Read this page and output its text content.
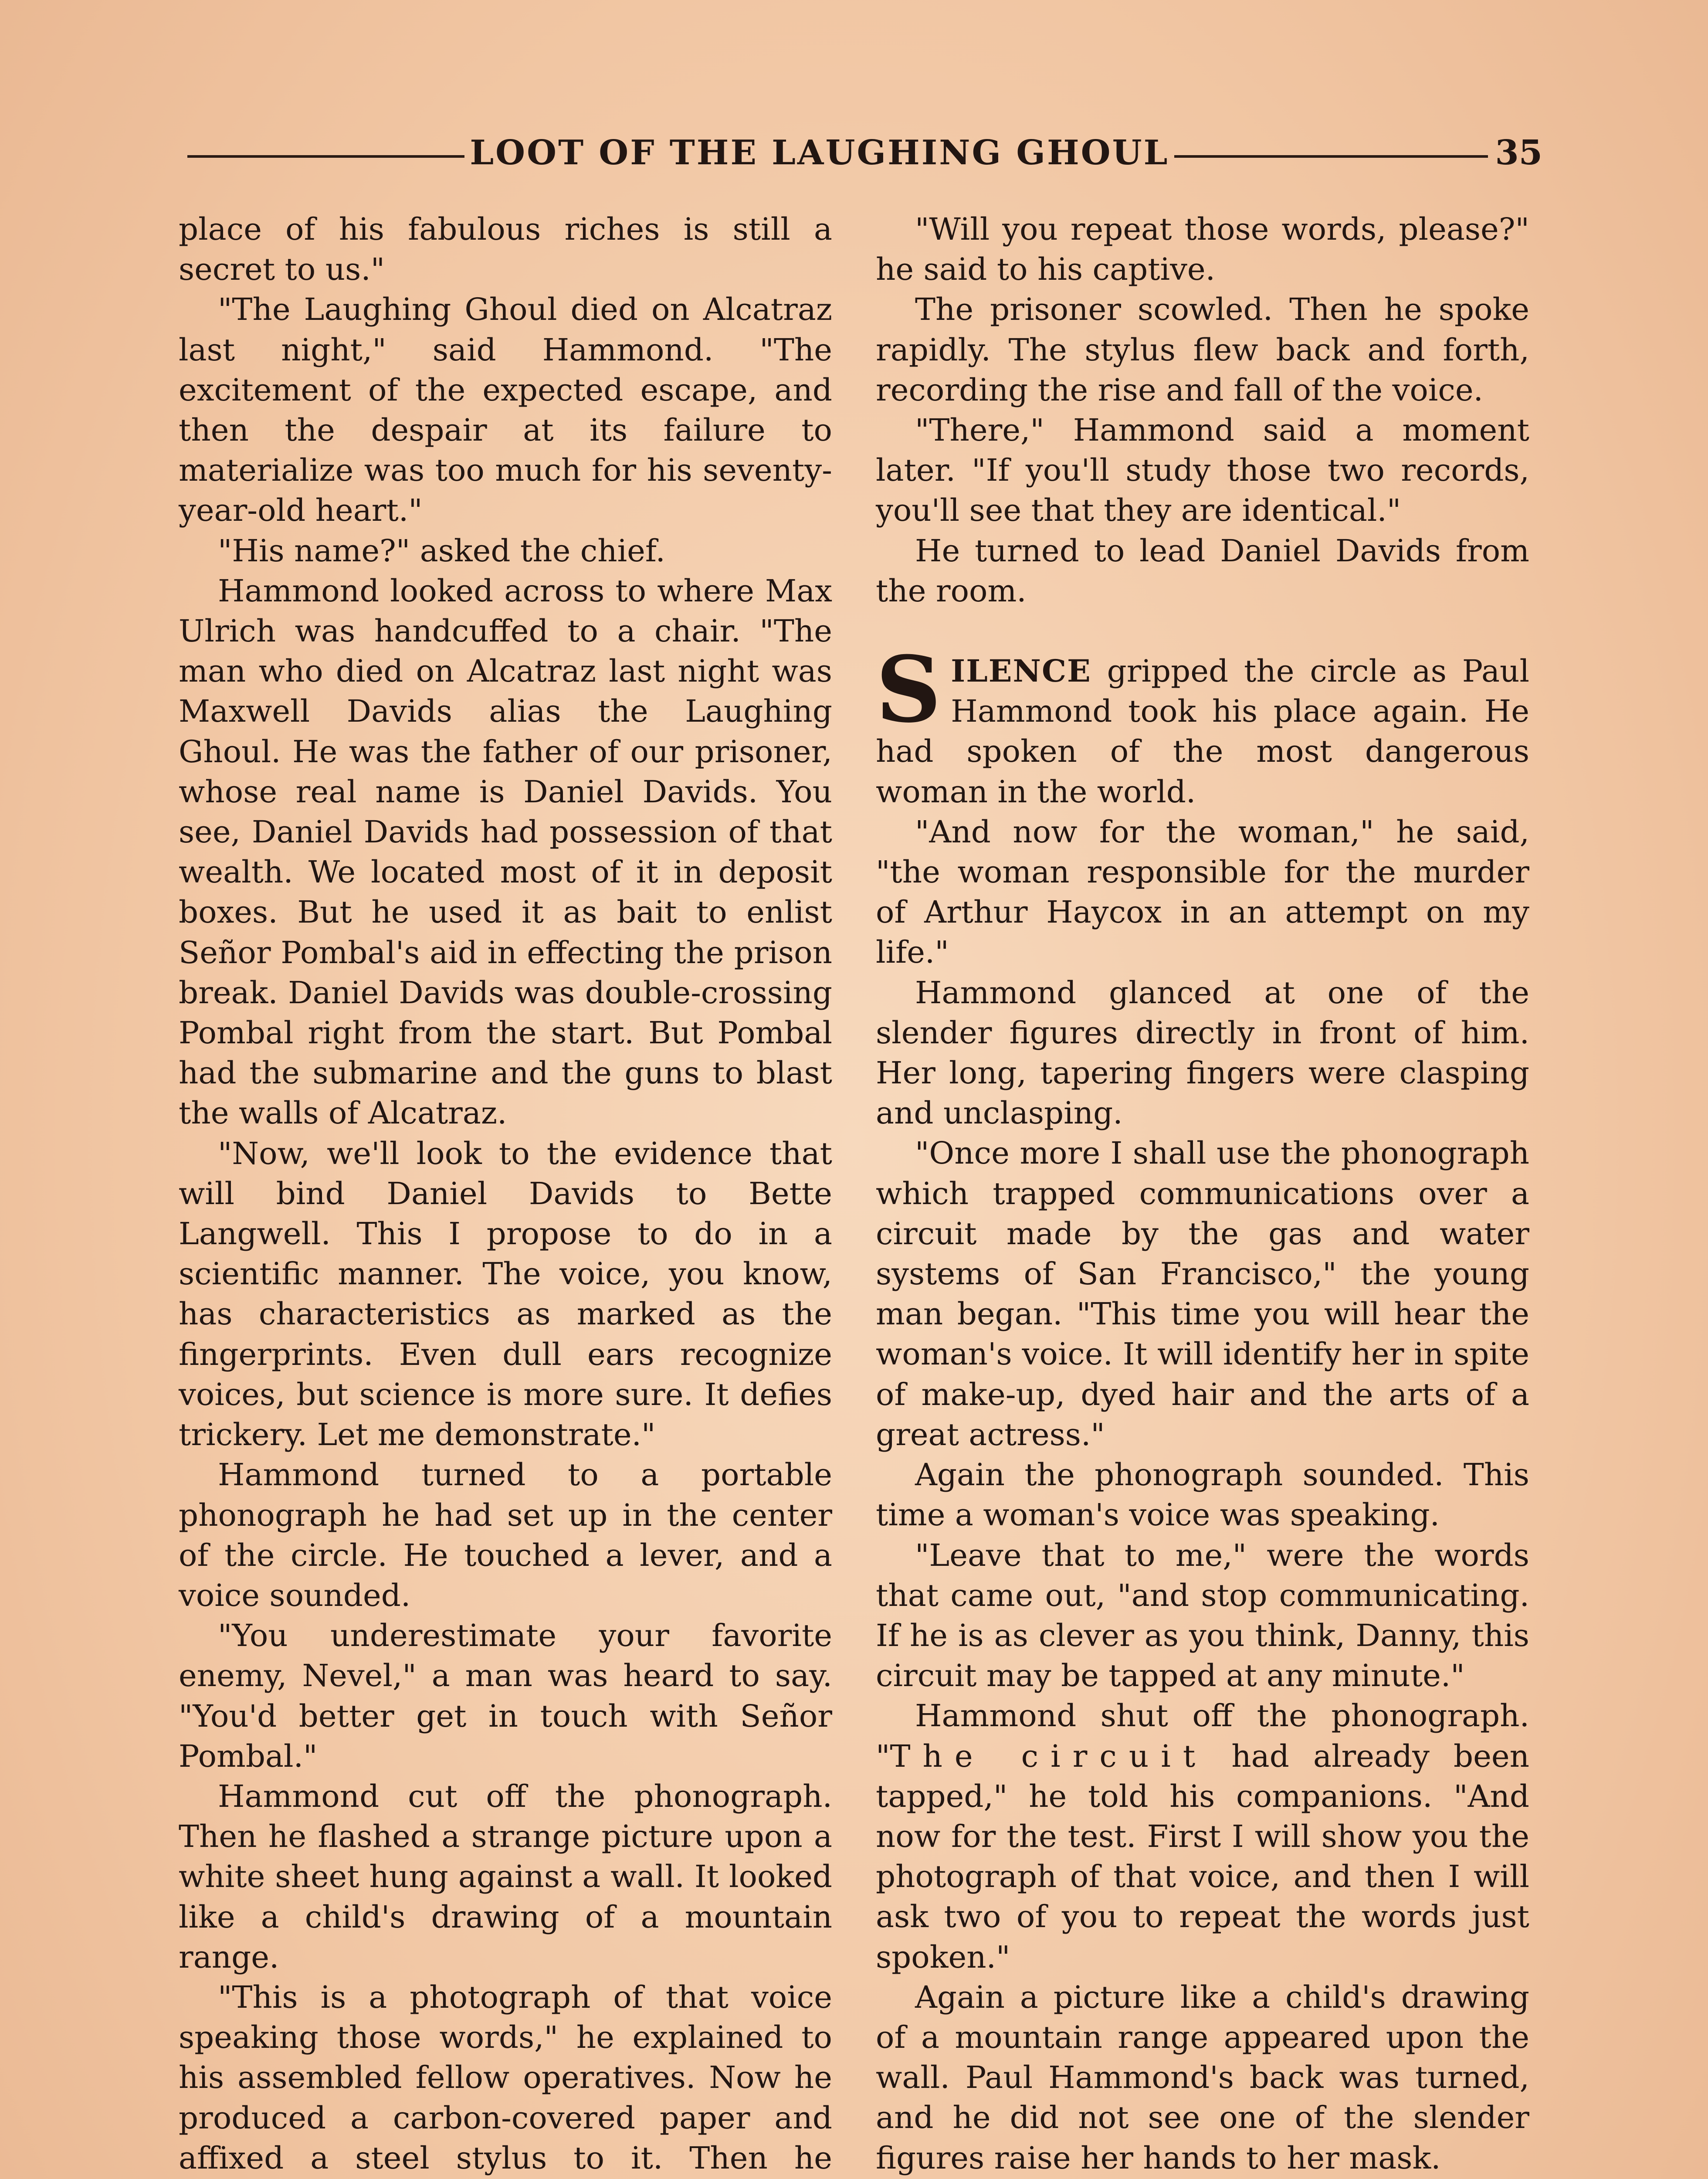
LOOT OF THE LAUGHING GHOUL	35

place of his fabulous riches is still a secret to us."

"The Laughing Ghoul died on Alcatraz last night," said Hammond. "The excitement of the expected escape, and then the despair at its failure to materialize was too much for his seventy-year-old heart."

"His name?" asked the chief.

Hammond looked across to where Max Ulrich was handcuffed to a chair. "The man who died on Alcatraz last night was Maxwell Davids alias the Laughing Ghoul. He was the father of our prisoner, whose real name is Daniel Davids. You see, Daniel Davids had possession of that wealth. We located most of it in deposit boxes. But he used it as bait to enlist Señor Pombal's aid in effecting the prison break. Daniel Davids was double-crossing Pombal right from the start. But Pombal had the submarine and the guns to blast the walls of Alcatraz.

"Now, we'll look to the evidence that will bind Daniel Davids to Bette Langwell. This I propose to do in a scientific manner. The voice, you know, has characteristics as marked as the fingerprints. Even dull ears recognize voices, but science is more sure. It defies trickery. Let me demonstrate."

Hammond turned to a portable phonograph he had set up in the center of the circle. He touched a lever, and a voice sounded.

"You underestimate your favorite enemy, Nevel," a man was heard to say. "You'd better get in touch with Señor Pombal."

Hammond cut off the phonograph. Then he flashed a strange picture upon a white sheet hung against a wall. It looked like a child's drawing of a mountain range.

"This is a photograph of that voice speaking those words," he explained to his assembled fellow operatives. Now he produced a carbon-covered paper and affixed a steel stylus to it. Then he

"Will you repeat those words, please?" he said to his captive.

The prisoner scowled. Then he spoke rapidly. The stylus flew back and forth, recording the rise and fall of the voice.

"There," Hammond said a moment later. "If you'll study those two records, you'll see that they are identical."

He turned to lead Daniel Davids from the room.

SILENCE gripped the circle as Paul Hammond took his place again. He had spoken of the most dangerous woman in the world.

"And now for the woman," he said, "the woman responsible for the murder of Arthur Haycox in an attempt on my life."

Hammond glanced at one of the slender figures directly in front of him. Her long, tapering fingers were clasping and unclasping.

"Once more I shall use the phonograph which trapped communications over a circuit made by the gas and water systems of San Francisco," the young man began. "This time you will hear the woman's voice. It will identify her in spite of make-up, dyed hair and the arts of a great actress."

Again the phonograph sounded. This time a woman's voice was speaking.

"Leave that to me," were the words that came out, "and stop communicating. If he is as clever as you think, Danny, this circuit may be tapped at any minute."

Hammond shut off the phonograph. "The circuit had already been tapped," he told his companions. "And now for the test. First I will show you the photograph of that voice, and then I will ask two of you to repeat the words just spoken."

Again a picture like a child's drawing of a mountain range appeared upon the wall. Paul Hammond's back was turned, and he did not see one of the slender figures raise her hands to her mask.
